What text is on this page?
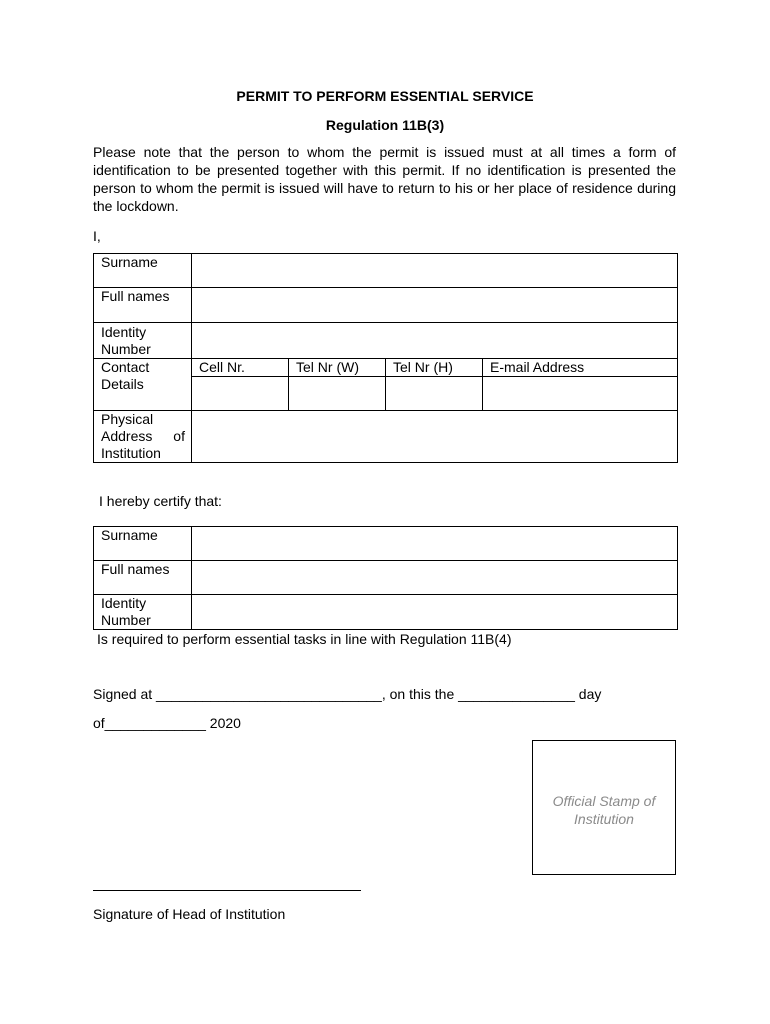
PERMIT TO PERFORM ESSENTIAL SERVICE
Regulation 11B(3)
Please note that the person to whom the permit is issued must at all times a form of identification to be presented together with this permit. If no identification is presented the person to whom the permit is issued will have to return to his or her place of residence during the lockdown.
I,
Surname				
Full names				
Identity Number				
Contact Details	Cell Nr.	Tel Nr (W)	Tel Nr (H)	E-mail Address

Physical Address of Institution				
I hereby certify that:
Surname	
Full names	
Identity Number	
Is required to perform essential tasks in line with Regulation 11B(4)
Signed at _____________________________, on this the _______________ day
of_____________ 2020
Official Stamp of Institution
Signature of Head of Institution
